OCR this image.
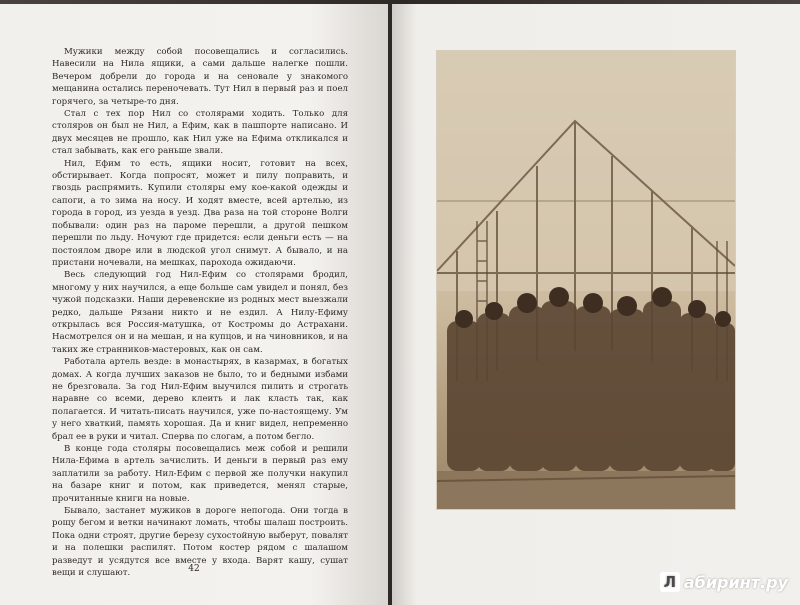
Мужики между собой посовещались и согласились. Навесили на Нила ящики, а сами дальше налегке пошли. Вечером добрели до города и на сеновале у знакомого мещанина остались переночевать. Тут Нил в первый раз и поел горячего, за четыре-то дня.

Стал с тех пор Нил со столярами ходить. Только для столяров он был не Нил, а Ефим, как в пашпорте написано. И двух месяцев не прошло, как Нил уже на Ефима откликался и стал забывать, как его раньше звали.

Нил, Ефим то есть, ящики носит, готовит на всех, обстирывает. Когда попросят, может и пилу поправить, и гвоздь распрямить. Купили столяры ему кое-какой одежды и сапоги, а то зима на носу. И ходят вместе, всей артелью, из города в город, из уезда в уезд. Два раза на той стороне Волги побывали: один раз на пароме перешли, а другой пешком перешли по льду. Ночуют где придется: если деньги есть — на постоялом дворе или в людской угол снимут. А бывало, и на пристани ночевали, на мешках, парохода ожидаючи.

Весь следующий год Нил-Ефим со столярами бродил, многому у них научился, а еще больше сам увидел и понял, без чужой подсказки. Наши деревенские из родных мест выезжали редко, дальше Рязани никто и не ездил. А Нилу-Ефиму открылась вся Россия-матушка, от Костромы до Астрахани. Насмотрелся он и на мешан, и на купцов, и на чиновников, и на таких же странников-мастеровых, как он сам.

Работала артель везде: в монастырях, в казармах, в богатых домах. А когда лучших заказов не было, то и бедными избами не брезговала. За год Нил-Ефим выучился пилить и строгать наравне со всеми, дерево клеить и лак класть так, как полагается. И читать-писать научился, уже по-настоящему. Ум у него хваткий, память хорошая. Да и книг видел, непременно брал ее в руки и читал. Сперва по слогам, а потом бегло.

В конце года столяры посовещались меж собой и решили Нила-Ефима в артель зачислить. И деньги в первый раз ему заплатили за работу. Нил-Ефим с первой же получки накупил на базаре книг и потом, как приведется, менял старые, прочитанные книги на новые.

Бывало, застанет мужиков в дороге непогода. Они тогда в рощу бегом и ветки начинают ломать, чтобы шалаш построить. Пока одни строят, другие березу сухостойную выберут, повалят и на полешки распилят. Потом костер рядом с шалашом разведут и усядутся все вместе у входа. Варят кашу, сушат вещи и слушают.	42
Л абиринт.ру
